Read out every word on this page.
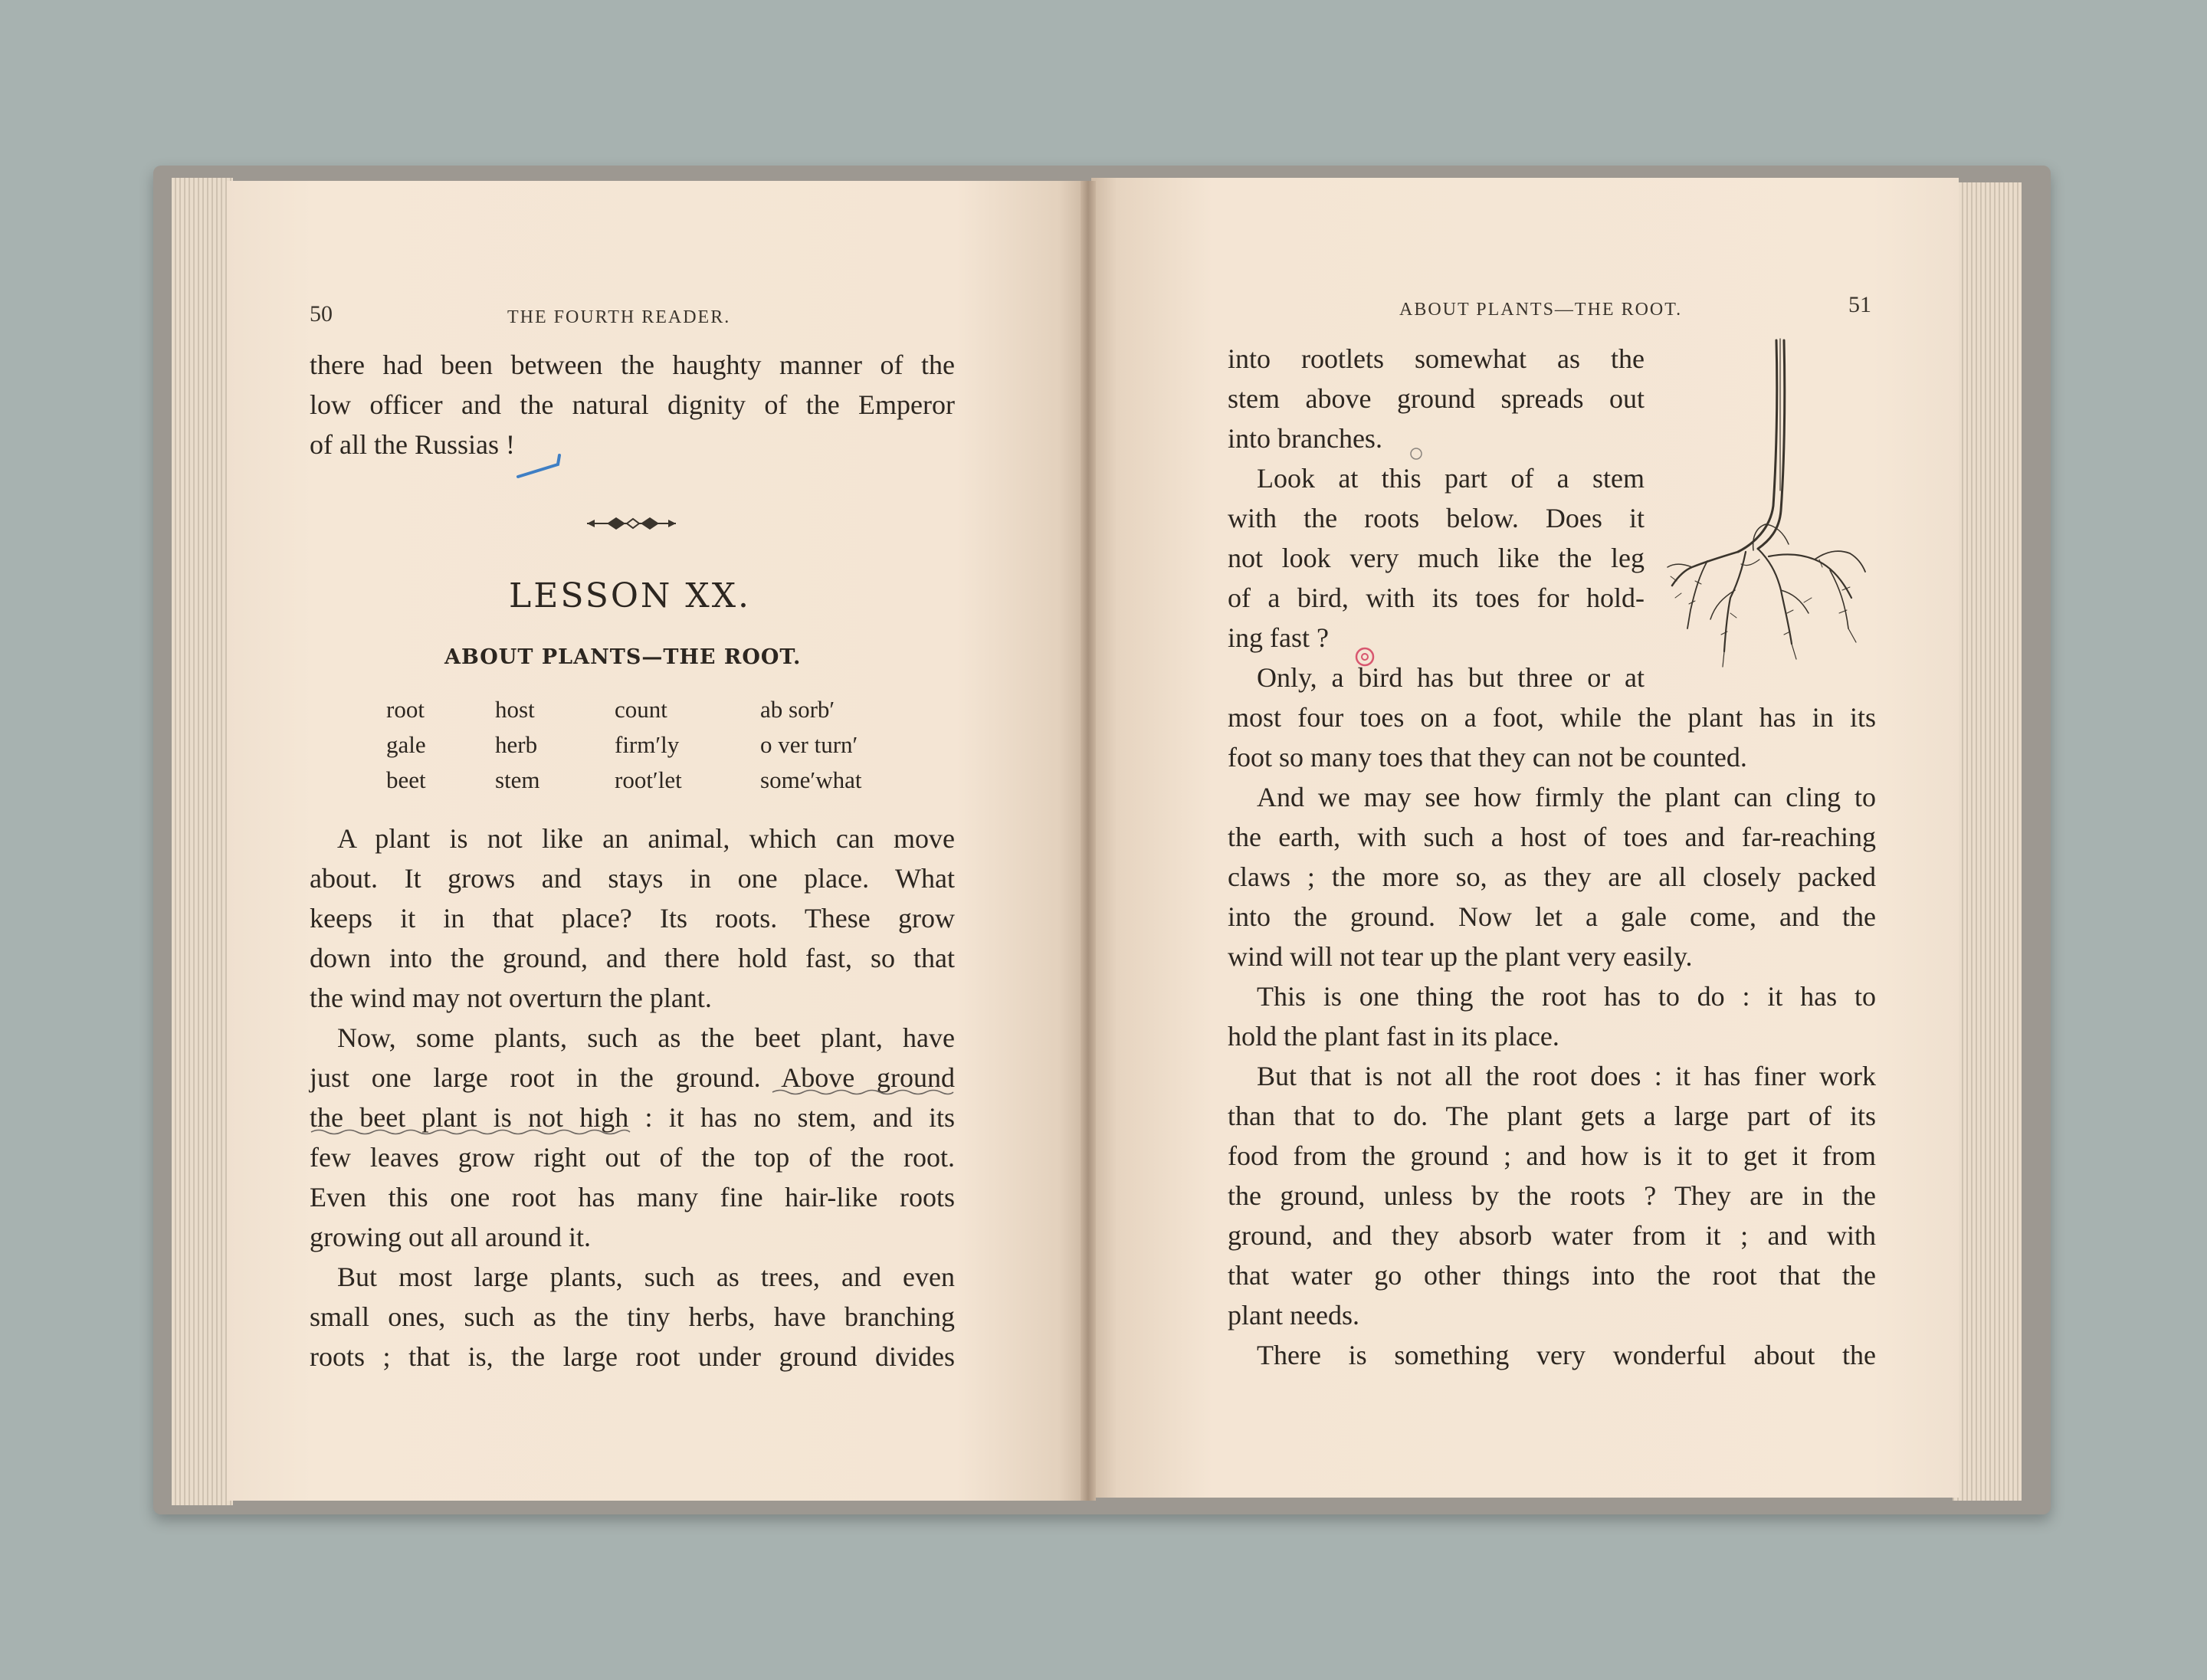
50	THE FOURTH READER.
there had been between the haughty manner of the
low officer and the natural dignity of the Emperor
of all the Russias !
LESSON XX.
ABOUT PLANTS—THE ROOT.
root	host	count	ab sorb′
gale	herb	firm′ly	o ver turn′
beet	stem	root′let	some′what
A plant is not like an animal, which can move
about. It grows and stays in one place. What
keeps it in that place? Its roots. These grow
down into the ground, and there hold fast, so that
the wind may not overturn the plant.
Now, some plants, such as the beet plant, have
just one large root in the ground. Above ground
the beet plant is not high : it has no stem, and its
few leaves grow right out of the top of the root.
Even this one root has many fine hair-like roots
growing out all around it.
But most large plants, such as trees, and even
small ones, such as the tiny herbs, have branching
roots ; that is, the large root under ground divides
ABOUT PLANTS—THE ROOT.	51
into rootlets somewhat as the
stem above ground spreads out
into branches.
Look at this part of a stem
with the roots below. Does it
not look very much like the leg
of a bird, with its toes for hold-
ing fast ?
Only, a bird has but three or at
most four toes on a foot, while the plant has in its
foot so many toes that they can not be counted.
And we may see how firmly the plant can cling to
the earth, with such a host of toes and far-reaching
claws ; the more so, as they are all closely packed
into the ground. Now let a gale come, and the
wind will not tear up the plant very easily.
This is one thing the root has to do : it has to
hold the plant fast in its place.
But that is not all the root does : it has finer work
than that to do. The plant gets a large part of its
food from the ground ; and how is it to get it from
the ground, unless by the roots ? They are in the
ground, and they absorb water from it ; and with
that water go other things into the root that the
plant needs.
There is something very wonderful about the
